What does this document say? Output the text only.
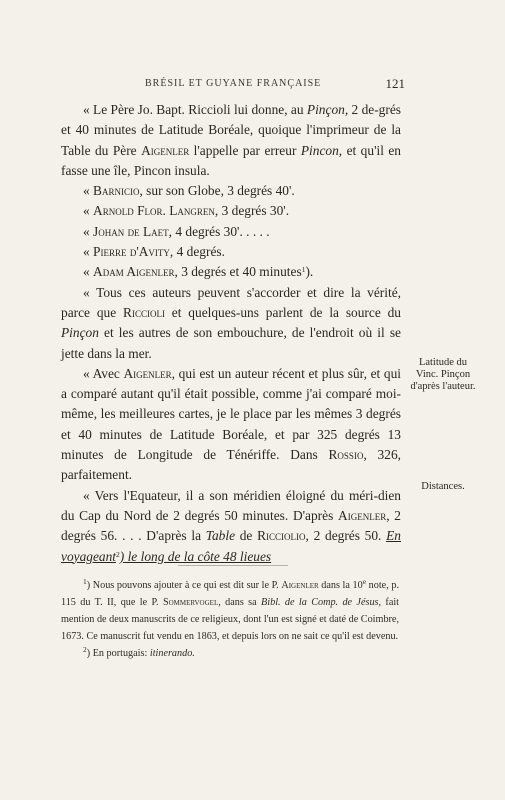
BRÉSIL ET GUYANE FRANÇAISE	121

« Le Père Jo. Bapt. Riccioli lui donne, au Pinçon, 2 de-grés et 40 minutes de Latitude Boréale, quoique l'imprimeur de la Table du Père Aigenler l'appelle par erreur Pincon, et qu'il en fasse une île, Pincon insula.

« Barnicio, sur son Globe, 3 degrés 40'.

« Arnold Flor. Langren, 3 degrés 30'.

« Johan de Laet, 4 degrés 30'. . . . .

« Pierre d'Avity, 4 degrés.

« Adam Aigenler, 3 degrés et 40 minutes$^1$).

« Tous ces auteurs peuvent s'accorder et dire la vérité, parce que Riccioli et quelques-uns parlent de la source du Pinçon et les autres de son embouchure, de l'endroit où il se jette dans la mer.

« Avec Aigenler, qui est un auteur récent et plus sûr, et qui a comparé autant qu'il était possible, comme j'ai comparé moi-même, les meilleures cartes, je le place par les mêmes 3 degrés et 40 minutes de Latitude Boréale, et par 325 degrés 13 minutes de Longitude de Ténériffe. Dans Rossio, 326, parfaitement.

« Vers l'Equateur, il a son méridien éloigné du méri-dien du Cap du Nord de 2 degrés 50 minutes. D'après Aigenler, 2 degrés 56. . . . D'après la Table de Ricciolio, 2 degrés 50. En voyageant$^2$) le long de la côte 48 lieues

Latitude du Vinc. Pinçon d'après l'auteur.
Distances.

$^1$) Nous pouvons ajouter à ce qui est dit sur le P. Aigenler dans la 10e note, p. 115 du T. II, que le P. Sommervogel, dans sa Bibl. de la Comp. de Jésus, fait mention de deux manuscrits de ce religieux, dont l'un est signé et daté de Coimbre, 1673. Ce manuscrit fut vendu en 1863, et depuis lors on ne sait ce qu'il est devenu.

$^2$) En portugais: itinerando.
